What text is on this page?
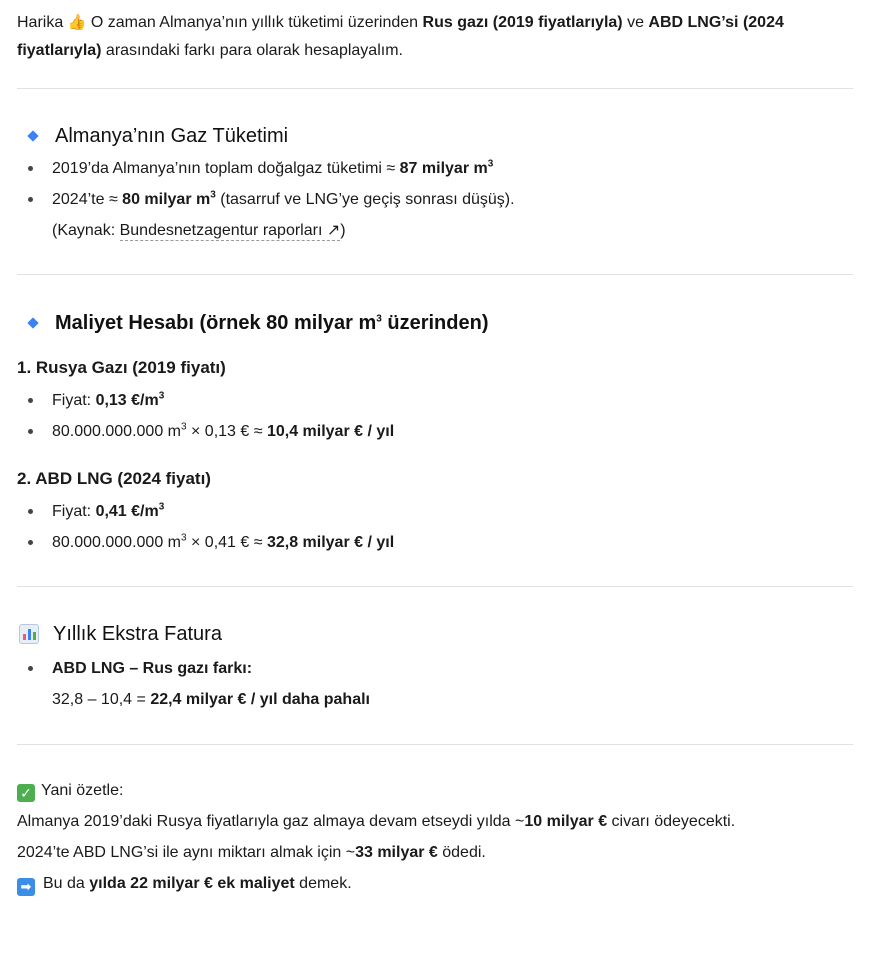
Harika 👍 O zaman Almanya’nın yıllık tüketimi üzerinden Rus gazı (2019 fiyatlarıyla) ve ABD LNG’si (2024 fiyatlarıyla) arasındaki farkı para olarak hesaplayalım.

Almanya’nın Gaz Tüketimi
2019’da Almanya’nın toplam doğalgaz tüketimi ≈ 87 milyar $m^3$
2024’te ≈ 80 milyar $m^3$ (tasarruf ve LNG’ye geçiş sonrası düşüş).
(Kaynak: Bundesnetzagentur raporları ↗)
Maliyet Hesabı (örnek 80 milyar $m^3$ üzerinden)

1. Rusya Gazı (2019 fiyatı)

Fiyat: 0,13 $€/m^3$
80.000.000.000 $m^3 \times 0,13$ € ≈ 10,4 milyar € / yıl

2. ABD LNG (2024 fiyatı)

Fiyat: 0,41 $€/m^3$
80.000.000.000 $m^3 \times 0,41$ € ≈ 32,8 milyar € / yıl
Yıllık Ekstra Fatura
ABD LNG – Rus gazı farkı:
32,8 – 10,4 = 22,4 milyar € / yıl daha pahalı

✓ Yani özetle:

Almanya 2019’daki Rusya fiyatlarıyla gaz almaya devam etseydi yılda ~10 milyar € civarı ödeyecekti.

2024’te ABD LNG’si ile aynı miktarı almak için ~33 milyar € ödedi.

➡ Bu da yılda 22 milyar € ek maliyet demek.
